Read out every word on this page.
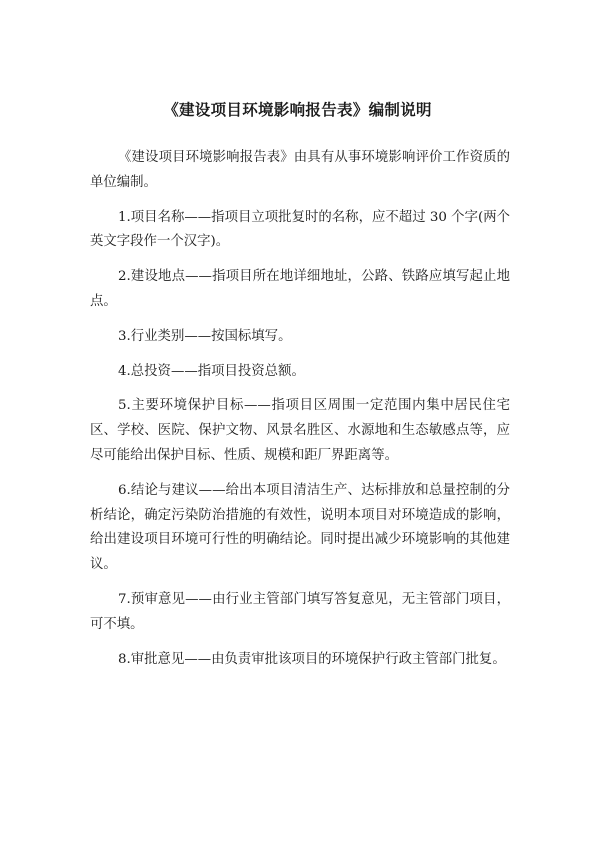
《建设项目环境影响报告表》编制说明

《建设项目环境影响报告表》由具有从事环境影响评价工作资质的单位编制。

1.项目名称——指项目立项批复时的名称，应不超过 30 个字(两个英文字段作一个汉字)。

2.建设地点——指项目所在地详细地址，公路、铁路应填写起止地点。

3.行业类别——按国标填写。

4.总投资——指项目投资总额。

5.主要环境保护目标——指项目区周围一定范围内集中居民住宅区、学校、医院、保护文物、风景名胜区、水源地和生态敏感点等，应尽可能给出保护目标、性质、规模和距厂界距离等。

6.结论与建议——给出本项目清洁生产、达标排放和总量控制的分析结论，确定污染防治措施的有效性，说明本项目对环境造成的影响，给出建设项目环境可行性的明确结论。同时提出减少环境影响的其他建议。

7.预审意见——由行业主管部门填写答复意见，无主管部门项目，可不填。

8.审批意见——由负责审批该项目的环境保护行政主管部门批复。
